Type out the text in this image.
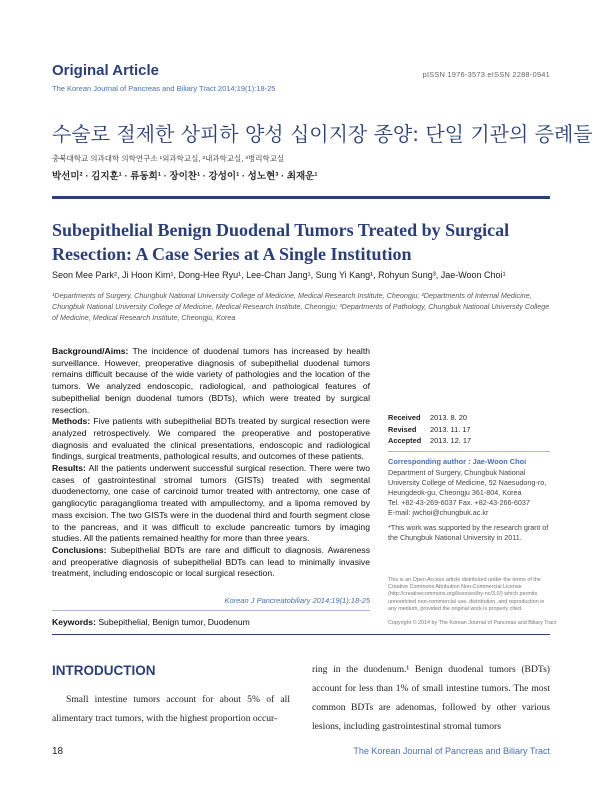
Original Article
The Korean Journal of Pancreas and Biliary Tract 2014;19(1):18-25
pISSN 1976-3573 eISSN 2288-0941
수술로 절제한 상피하 양성 십이지장 종양: 단일 기관의 증례들
충북대학교 의과대학 의학연구소 ¹외과학교실, ²내과학교실, ³병리학교실
박선미² · 김지훈¹ · 류동희¹ · 장이찬¹ · 강성이¹ · 성노현³ · 최재운¹
Subepithelial Benign Duodenal Tumors Treated by Surgical Resection: A Case Series at A Single Institution
Seon Mee Park², Ji Hoon Kim¹, Dong-Hee Ryu¹, Lee-Chan Jang¹, Sung Yi Kang¹, Rohyun Sung³, Jae-Woon Choi¹
¹Departments of Surgery, Chungbuk National University College of Medicine, Medical Research Institute, Cheongju; ²Departments of Internal Medicine, Chungbuk National University College of Medicine, Medical Research Institute, Cheongju; ³Departments of Pathology, Chungbuk National University College of Medicine, Medical Research Institute, Cheongju, Korea

Background/Aims: The incidence of duodenal tumors has increased by health surveillance. However, preoperative diagnosis of subepithelial duodenal tumors remains difficult because of the wide variety of pathologies and the location of the tumors. We analyzed endoscopic, radiological, and pathological features of subepithelial benign duodenal tumors (BDTs), which were treated by surgical resection.

Methods: Five patients with subepithelial BDTs treated by surgical resection were analyzed retrospectively. We compared the preoperative and postoperative diagnosis and evaluated the clinical presentations, endoscopic and radiological findings, surgical treatments, pathological results, and outcomes of these patients.

Results: All the patients underwent successful surgical resection. There were two cases of gastrointestinal stromal tumors (GISTs) treated with segmental duodenectomy, one case of carcinoid tumor treated with antrectomy, one case of gangliocytic paraganglioma treated with ampullectomy, and a lipoma removed by mass excision. The two GISTs were in the duodenal third and fourth segment close to the pancreas, and it was difficult to exclude pancreatic tumors by imaging studies. All the patients remained healthy for more than three years.

Conclusions: Subepithelial BDTs are rare and difficult to diagnosis. Awareness and preoperative diagnosis of subepithelial BDTs can lead to minimally invasive treatment, including endoscopic or local surgical resection.

Korean J Pancreatobiliary 2014;19(1):18-25
Keywords: Subepithelial, Benign tumor, Duodenum
Received	2013. 8. 20
Revised	2013. 11. 17
Accepted	2013. 12. 17
Corresponding author : Jae-Woon Choi
Department of Surgery, Chungbuk National
University College of Medicine, 52 Naesudong-ro,
Heungdeok-gu, Cheongju 361-804, Korea
Tel. +82-43-269-6037 Fax. +82-43-266-6037
E-mail: jwchoi@chungbuk.ac.kr
*This work was supported by the research grant of the Chungbuk National University in 2011.
This is an Open Access article distributed under the terms of the Creative Commons Attribution Non-Commercial License (http://creativecommons.org/licenses/by-nc/3.0/) which permits unrestricted non-commercial use, distribution, and reproduction in any medium, provided the original work is properly cited.
Copyright © 2014 by The Korean Journal of Pancreas and Biliary Tract
INTRODUCTION
Small intestine tumors account for about 5% of all alimentary tract tumors, with the highest proportion occur-
ring in the duodenum.¹ Benign duodenal tumors (BDTs) account for less than 1% of small intestine tumors. The most common BDTs are adenomas, followed by other various lesions, including gastrointestinal stromal tumors
18	The Korean Journal of Pancreas and Biliary Tract
